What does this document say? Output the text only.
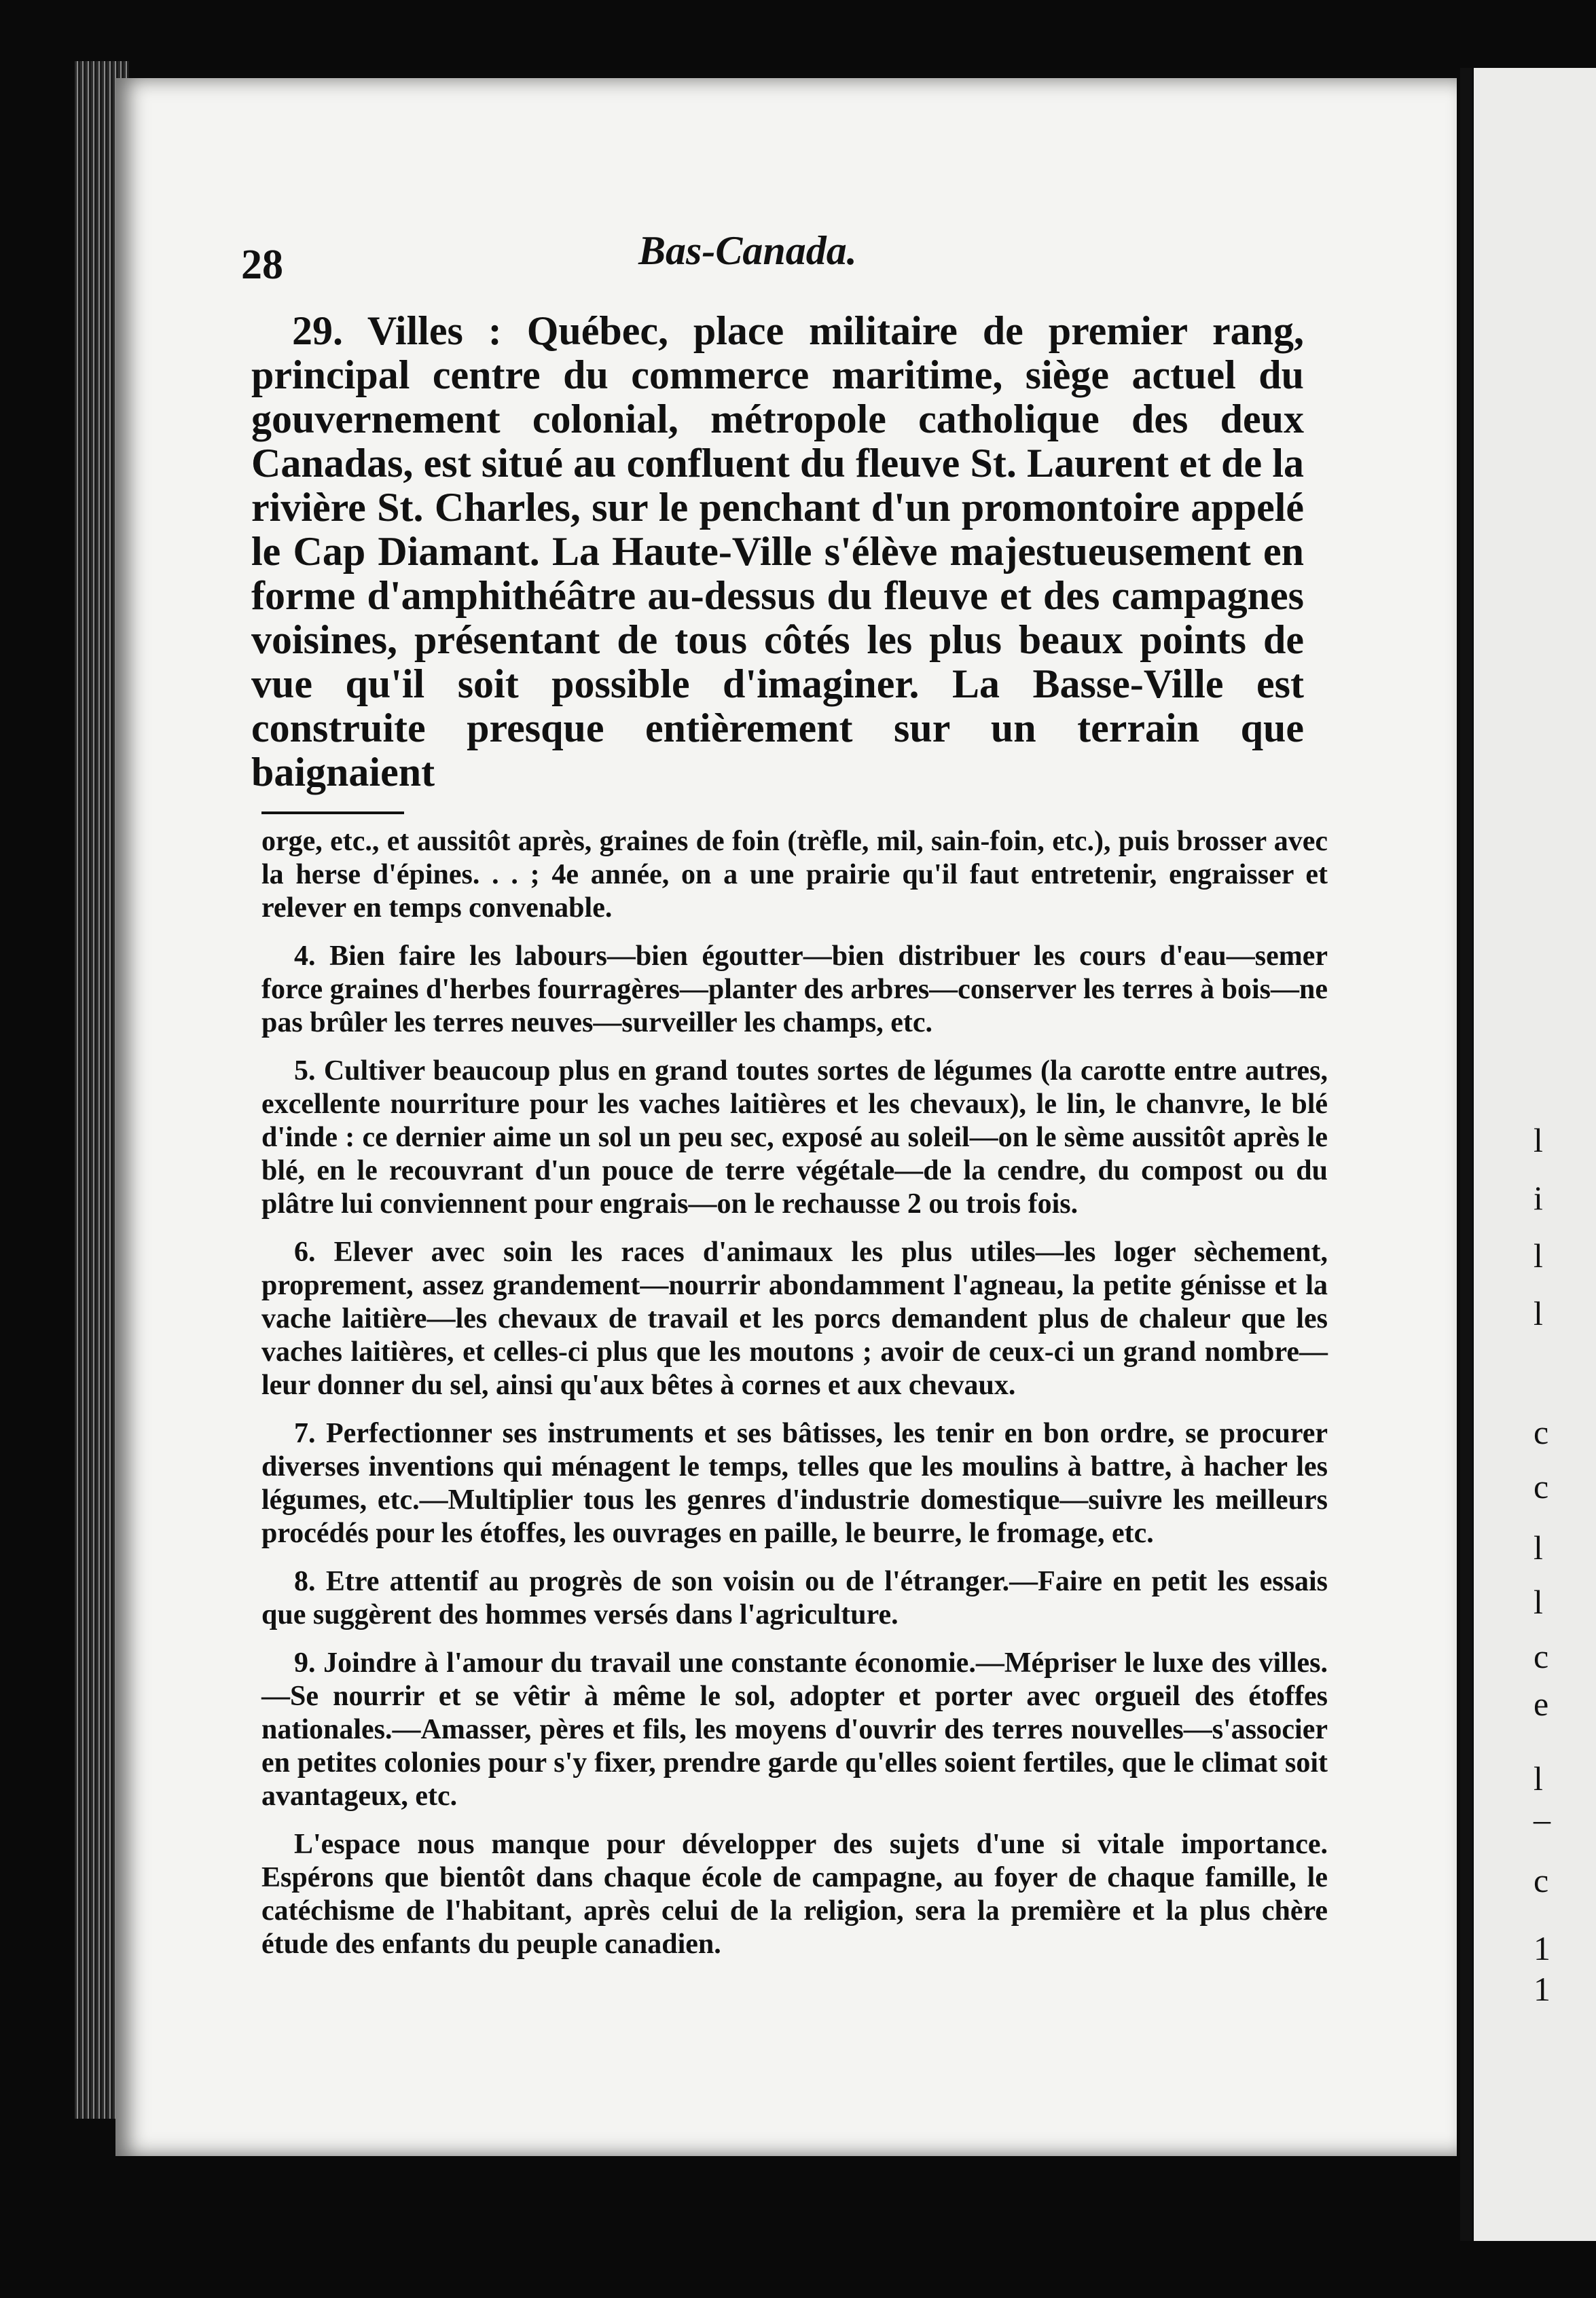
l
i
l
l
c
c
l
l
c
e
l
–
c
1
1
28	Bas-Canada.

29. Villes : Québec, place militaire de premier rang, principal centre du commerce maritime, siège actuel du gouvernement colonial, métropole catholique des deux Canadas, est situé au confluent du fleuve St. Laurent et de la rivière St. Charles, sur le penchant d'un promontoire appelé le Cap Diamant. La Haute-Ville s'élève majestueusement en forme d'amphithéâtre au-dessus du fleuve et des campagnes voisines, présentant de tous côtés les plus beaux points de vue qu'il soit possible d'imaginer. La Basse-Ville est construite presque entièrement sur un terrain que baignaient

orge, etc., et aussitôt après, graines de foin (trèfle, mil, sain-foin, etc.), puis brosser avec la herse d'épines. . . ; 4e année, on a une prairie qu'il faut entretenir, engraisser et relever en temps convenable.

4. Bien faire les labours—bien égoutter—bien distribuer les cours d'eau—semer force graines d'herbes fourragères—planter des arbres—conserver les terres à bois—ne pas brûler les terres neuves—surveiller les champs, etc.

5. Cultiver beaucoup plus en grand toutes sortes de légumes (la carotte entre autres, excellente nourriture pour les vaches laitières et les chevaux), le lin, le chanvre, le blé d'inde : ce dernier aime un sol un peu sec, exposé au soleil—on le sème aussitôt après le blé, en le recouvrant d'un pouce de terre végétale—de la cendre, du compost ou du plâtre lui conviennent pour engrais—on le rechausse 2 ou trois fois.

6. Elever avec soin les races d'animaux les plus utiles—les loger sèchement, proprement, assez grandement—nourrir abondamment l'agneau, la petite génisse et la vache laitière—les chevaux de travail et les porcs demandent plus de chaleur que les vaches laitières, et celles-ci plus que les moutons ; avoir de ceux-ci un grand nombre—leur donner du sel, ainsi qu'aux bêtes à cornes et aux chevaux.

7. Perfectionner ses instruments et ses bâtisses, les tenir en bon ordre, se procurer diverses inventions qui ménagent le temps, telles que les moulins à battre, à hacher les légumes, etc.—Multiplier tous les genres d'industrie domestique—suivre les meilleurs procédés pour les étoffes, les ouvrages en paille, le beurre, le fromage, etc.

8. Etre attentif au progrès de son voisin ou de l'étranger.—Faire en petit les essais que suggèrent des hommes versés dans l'agriculture.

9. Joindre à l'amour du travail une constante économie.—Mépriser le luxe des villes.—Se nourrir et se vêtir à même le sol, adopter et porter avec orgueil des étoffes nationales.—Amasser, pères et fils, les moyens d'ouvrir des terres nouvelles—s'associer en petites colonies pour s'y fixer, prendre garde qu'elles soient fertiles, que le climat soit avantageux, etc.

L'espace nous manque pour développer des sujets d'une si vitale importance. Espérons que bientôt dans chaque école de campagne, au foyer de chaque famille, le catéchisme de l'habitant, après celui de la religion, sera la première et la plus chère étude des enfants du peuple canadien.
